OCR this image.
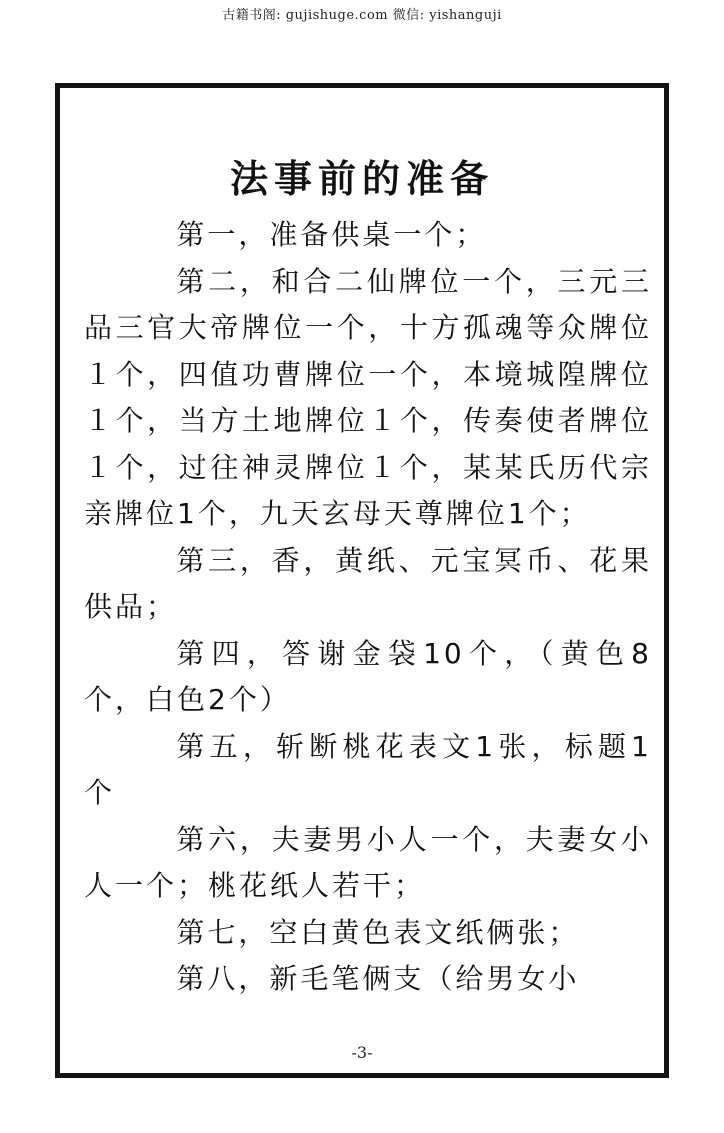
古籍书阁: gujishuge.com 微信: yishanguji
法事前的准备

第一，准备供桌一个；

第二，和合二仙牌位一个，三元三品三官大帝牌位一个，十方孤魂等众牌位１个，四值功曹牌位一个，本境城隍牌位１个，当方土地牌位１个，传奏使者牌位１个，过往神灵牌位１个，某某氏历代宗亲牌位1个，九天玄母天尊牌位1个；

第三，香，黄纸、元宝冥币、花果供品；

第四，答谢金袋10个，（黄色8个，白色2个）

第五，斩断桃花表文1张，标题1个

第六，夫妻男小人一个，夫妻女小人一个；桃花纸人若干；

第七，空白黄色表文纸俩张；

第八，新毛笔俩支（给男女小

-3-
